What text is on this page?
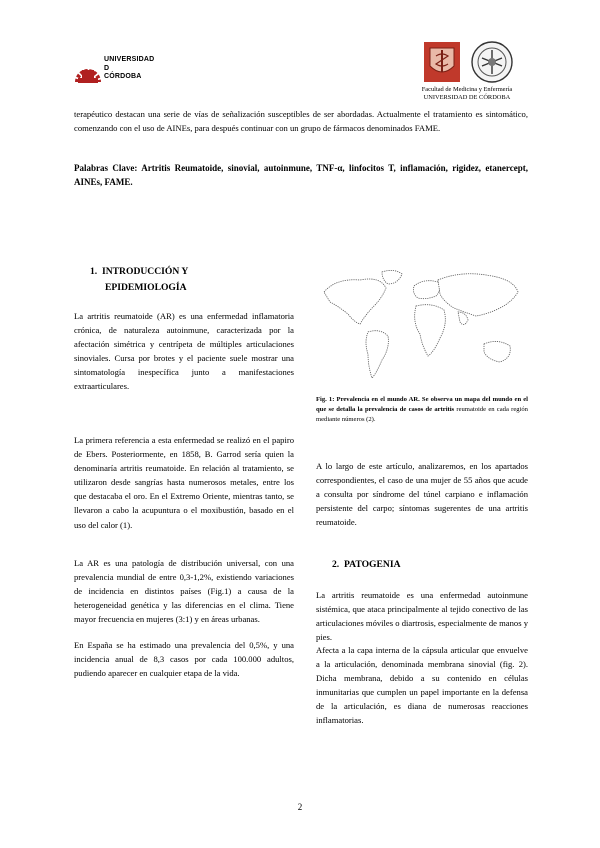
UNIVERSIDAD
D
CÓRDOBA
Facultad de Medicina y Enfermería
UNIVERSIDAD DE CÓRDOBA

terapéutico destacan una serie de vías de señalización susceptibles de ser abordadas. Actualmente el tratamiento es sintomático, comenzando con el uso de AINEs, para después continuar con un grupo de fármacos denominados FAME.

Palabras Clave: Artritis Reumatoide, sinovial, autoinmune, TNF-α, linfocitos T, inflamación, rigidez, etanercept, AINEs, FAME.

1. INTRODUCCIÓN Y
EPIDEMIOLOGÍA

La artritis reumatoide (AR) es una enfermedad inflamatoria crónica, de naturaleza autoinmune, caracterizada por la afectación simétrica y centrípeta de múltiples articulaciones sinoviales. Cursa por brotes y el paciente suele mostrar una sintomatología inespecífica junto a manifestaciones extraarticulares.

La primera referencia a esta enfermedad se realizó en el papiro de Ebers. Posteriormente, en 1858, B. Garrod sería quien la denominaría artritis reumatoide. En relación al tratamiento, se utilizaron desde sangrías hasta numerosos metales, entre los que destacaba el oro. En el Extremo Oriente, mientras tanto, se llevaron a cabo la acupuntura o el moxibustión, basado en el uso del calor (1).

La AR es una patología de distribución universal, con una prevalencia mundial de entre 0,3-1,2%, existiendo variaciones de incidencia en distintos países (Fig.1) a causa de la heterogeneidad genética y las diferencias en el clima. Tiene mayor frecuencia en mujeres (3:1) y en áreas urbanas.

En España se ha estimado una prevalencia del 0,5%, y una incidencia anual de 8,3 casos por cada 100.000 adultos, pudiendo aparecer en cualquier etapa de la vida.

Fig. 1: Prevalencia en el mundo AR. Se observa un mapa del mundo en el que se detalla la prevalencia de casos de artritis reumatoide en cada región mediante números (2).

A lo largo de este artículo, analizaremos, en los apartados correspondientes, el caso de una mujer de 55 años que acude a consulta por síndrome del túnel carpiano e inflamación persistente del carpo; síntomas sugerentes de una artritis reumatoide.

2. PATOGENIA

La artritis reumatoide es una enfermedad autoinmune sistémica, que ataca principalmente al tejido conectivo de las articulaciones móviles o diartrosis, especialmente de manos y pies.

Afecta a la capa interna de la cápsula articular que envuelve a la articulación, denominada membrana sinovial (fig. 2). Dicha membrana, debido a su contenido en células inmunitarias que cumplen un papel importante en la defensa de la articulación, es diana de numerosas reacciones inflamatorias.

2
